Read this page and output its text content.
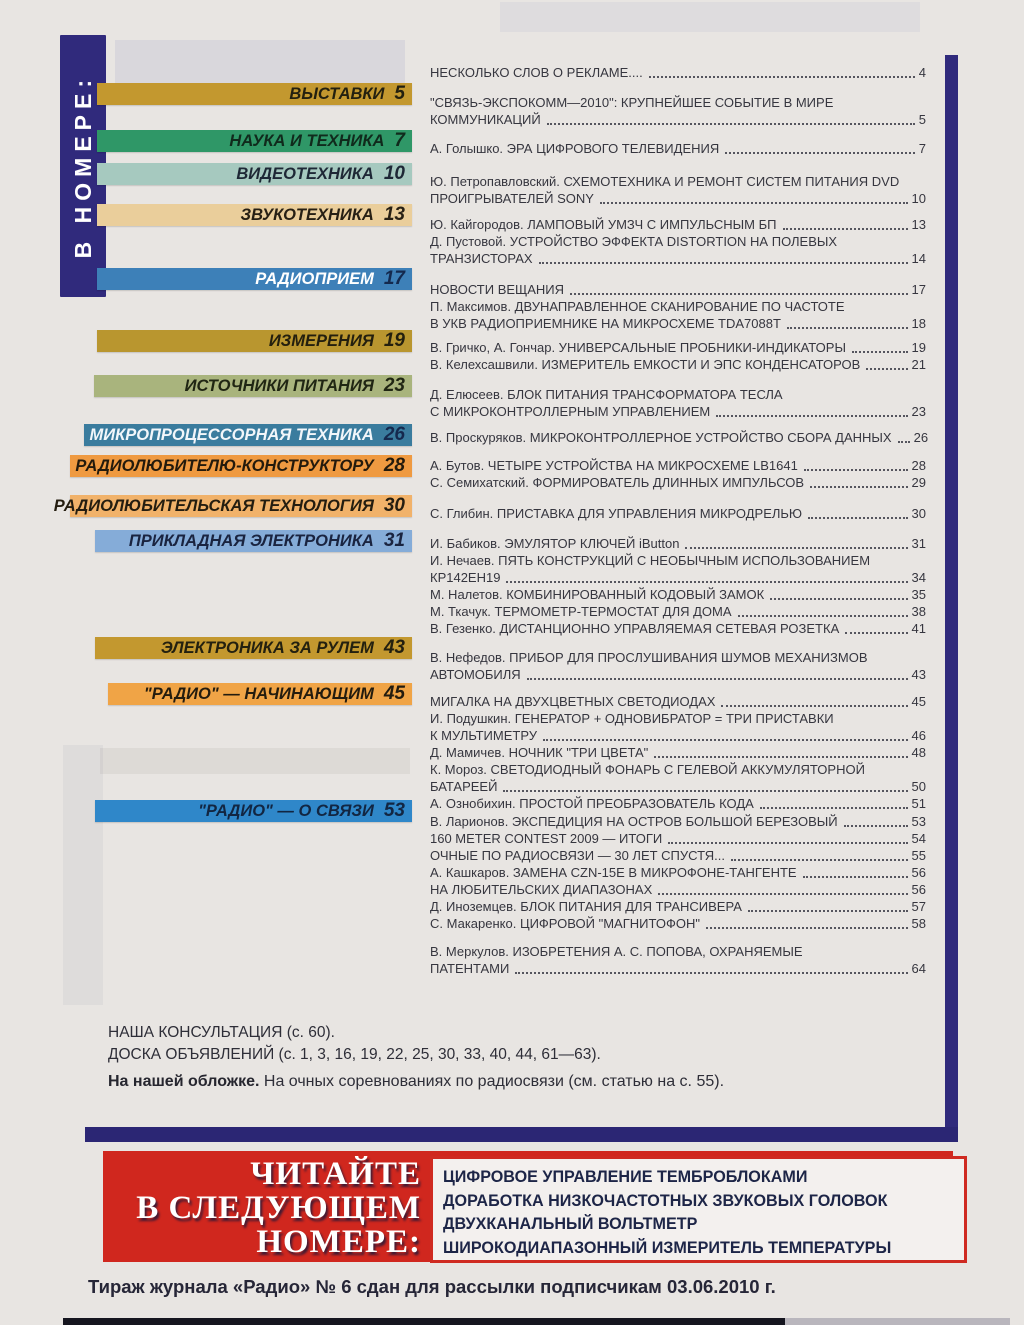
В НОМЕРЕ:	ВЫСТАВКИ 5
НАУКА И ТЕХНИКА 7
ВИДЕОТЕХНИКА 10
ЗВУКОТЕХНИКА 13
РАДИОПРИЕМ 17
ИЗМЕРЕНИЯ 19
ИСТОЧНИКИ ПИТАНИЯ 23
МИКРОПРОЦЕССОРНАЯ ТЕХНИКА 26
РАДИОЛЮБИТЕЛЮ-КОНСТРУКТОРУ 28
РАДИОЛЮБИТЕЛЬСКАЯ ТЕХНОЛОГИЯ 30
ПРИКЛАДНАЯ ЭЛЕКТРОНИКА 31
ЭЛЕКТРОНИКА ЗА РУЛЕМ 43
"РАДИО" — НАЧИНАЮЩИМ 45
"РАДИО" — О СВЯЗИ 53
НЕСКОЛЬКО СЛОВ О РЕКЛАМЕ....	4
"СВЯЗЬ-ЭКСПОКОММ—2010": КРУПНЕЙШЕЕ СОБЫТИЕ В МИРЕ
КОММУНИКАЦИЙ	5
А. Голышко. ЭРА ЦИФРОВОГО ТЕЛЕВИДЕНИЯ	7
Ю. Петропавловский. СХЕМОТЕХНИКА И РЕМОНТ СИСТЕМ ПИТАНИЯ DVD
ПРОИГРЫВАТЕЛЕЙ SONY	10
Ю. Кайгородов. ЛАМПОВЫЙ УМЗЧ С ИМПУЛЬСНЫМ БП	13
Д. Пустовой. УСТРОЙСТВО ЭФФЕКТА DISTORTION НА ПОЛЕВЫХ
ТРАНЗИСТОРАХ	14
НОВОСТИ ВЕЩАНИЯ	17
П. Максимов. ДВУНАПРАВЛЕННОЕ СКАНИРОВАНИЕ ПО ЧАСТОТЕ
В УКВ РАДИОПРИЕМНИКЕ НА МИКРОСХЕМЕ TDA7088T	18
В. Гричко, А. Гончар. УНИВЕРСАЛЬНЫЕ ПРОБНИКИ-ИНДИКАТОРЫ	19
В. Келехсашвили. ИЗМЕРИТЕЛЬ ЕМКОСТИ И ЭПС КОНДЕНСАТОРОВ	21
Д. Елюсеев. БЛОК ПИТАНИЯ ТРАНСФОРМАТОРА ТЕСЛА
С МИКРОКОНТРОЛЛЕРНЫМ УПРАВЛЕНИЕМ	23
В. Проскуряков. МИКРОКОНТРОЛЛЕРНОЕ УСТРОЙСТВО СБОРА ДАННЫХ 26
А. Бутов. ЧЕТЫРЕ УСТРОЙСТВА НА МИКРОСХЕМЕ LB1641	28
С. Семихатский. ФОРМИРОВАТЕЛЬ ДЛИННЫХ ИМПУЛЬСОВ	29
С. Глибин. ПРИСТАВКА ДЛЯ УПРАВЛЕНИЯ МИКРОДРЕЛЬЮ	30
И. Бабиков. ЭМУЛЯТОР КЛЮЧЕЙ iButton	31
И. Нечаев. ПЯТЬ КОНСТРУКЦИЙ С НЕОБЫЧНЫМ ИСПОЛЬЗОВАНИЕМ
КР142ЕН19	34
М. Налетов. КОМБИНИРОВАННЫЙ КОДОВЫЙ ЗАМОК	35
М. Ткачук. ТЕРМОМЕТР-ТЕРМОСТАТ ДЛЯ ДОМА	38
В. Гезенко. ДИСТАНЦИОННО УПРАВЛЯЕМАЯ СЕТЕВАЯ РОЗЕТКА	41
В. Нефедов. ПРИБОР ДЛЯ ПРОСЛУШИВАНИЯ ШУМОВ МЕХАНИЗМОВ
АВТОМОБИЛЯ	43
МИГАЛКА НА ДВУХЦВЕТНЫХ СВЕТОДИОДАХ	45
И. Подушкин. ГЕНЕРАТОР + ОДНОВИБРАТОР = ТРИ ПРИСТАВКИ
К МУЛЬТИМЕТРУ	46
Д. Мамичев. НОЧНИК "ТРИ ЦВЕТА"	48
К. Мороз. СВЕТОДИОДНЫЙ ФОНАРЬ С ГЕЛЕВОЙ АККУМУЛЯТОРНОЙ
БАТАРЕЕЙ	50
А. Ознобихин. ПРОСТОЙ ПРЕОБРАЗОВАТЕЛЬ КОДА	51
В. Ларионов. ЭКСПЕДИЦИЯ НА ОСТРОВ БОЛЬШОЙ БЕРЕЗОВЫЙ	53
160 METER CONTEST 2009 — ИТОГИ	54
ОЧНЫЕ ПО РАДИОСВЯЗИ — 30 ЛЕТ СПУСТЯ...	55
А. Кашкаров. ЗАМЕНА CZN-15E В МИКРОФОНЕ-ТАНГЕНТЕ	56
НА ЛЮБИТЕЛЬСКИХ ДИАПАЗОНАХ	56
Д. Иноземцев. БЛОК ПИТАНИЯ ДЛЯ ТРАНСИВЕРА	57
С. Макаренко. ЦИФРОВОЙ "МАГНИТОФОН"	58
В. Меркулов. ИЗОБРЕТЕНИЯ А. С. ПОПОВА, ОХРАНЯЕМЫЕ
ПАТЕНТАМИ	64
НАША КОНСУЛЬТАЦИЯ (с. 60).
ДОСКА ОБЪЯВЛЕНИЙ (с. 1, 3, 16, 19, 22, 25, 30, 33, 40, 44, 61—63).
На нашей обложке. На очных соревнованиях по радиосвязи (см. статью на с. 55).
ЧИТАЙТЕ
В СЛЕДУЮЩЕМ
НОМЕРЕ:
ЦИФРОВОЕ УПРАВЛЕНИЕ ТЕМБРОБЛОКАМИ
ДОРАБОТКА НИЗКОЧАСТОТНЫХ ЗВУКОВЫХ ГОЛОВОК
ДВУХКАНАЛЬНЫЙ ВОЛЬТМЕТР
ШИРОКОДИАПАЗОННЫЙ ИЗМЕРИТЕЛЬ ТЕМПЕРАТУРЫ
Тираж журнала «Радио» № 6 сдан для рассылки подписчикам 03.06.2010 г.
